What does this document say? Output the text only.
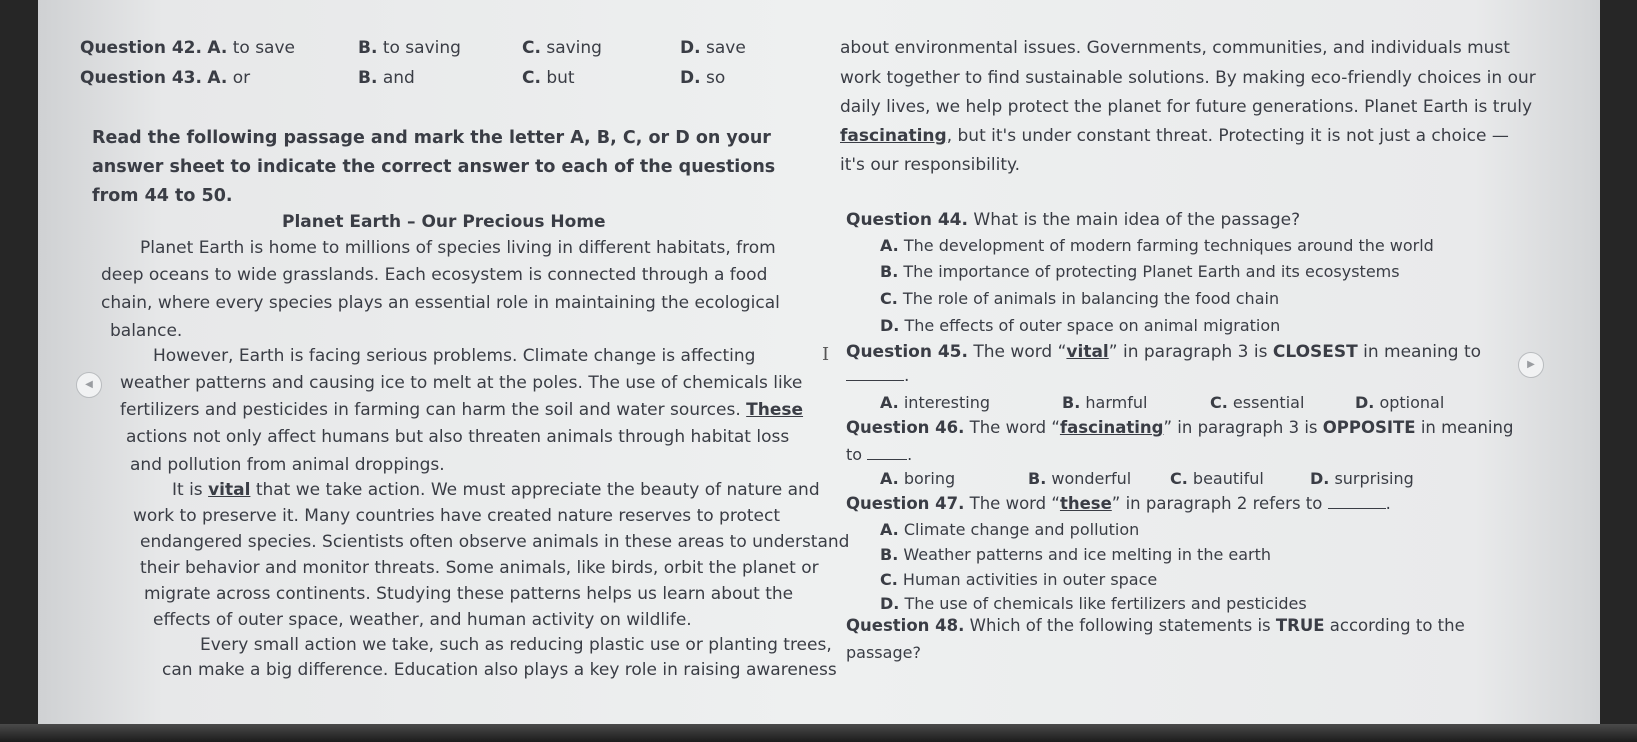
Question 42. A. to save	B. to saving	C. saving	D. save
Question 43. A. or	B. and	C. but	D. so
Read the following passage and mark the letter A, B, C, or D on your
answer sheet to indicate the correct answer to each of the questions
from 44 to 50.
Planet Earth – Our Precious Home
Planet Earth is home to millions of species living in different habitats, from
deep oceans to wide grasslands. Each ecosystem is connected through a food
chain, where every species plays an essential role in maintaining the ecological
balance.
However, Earth is facing serious problems. Climate change is affecting
weather patterns and causing ice to melt at the poles. The use of chemicals like
fertilizers and pesticides in farming can harm the soil and water sources. These
actions not only affect humans but also threaten animals through habitat loss
and pollution from animal droppings.
It is vital that we take action. We must appreciate the beauty of nature and
work to preserve it. Many countries have created nature reserves to protect
endangered species. Scientists often observe animals in these areas to understand
their behavior and monitor threats. Some animals, like birds, orbit the planet or
migrate across continents. Studying these patterns helps us learn about the
effects of outer space, weather, and human activity on wildlife.
Every small action we take, such as reducing plastic use or planting trees,
can make a big difference. Education also plays a key role in raising awareness
about environmental issues. Governments, communities, and individuals must
work together to find sustainable solutions. By making eco-friendly choices in our
daily lives, we help protect the planet for future generations. Planet Earth is truly
fascinating, but it's under constant threat. Protecting it is not just a choice —
it's our responsibility.
Question 44. What is the main idea of the passage?
A. The development of modern farming techniques around the world
B. The importance of protecting Planet Earth and its ecosystems
C. The role of animals in balancing the food chain
D. The effects of outer space on animal migration
I Question 45. The word “vital” in paragraph 3 is CLOSEST in meaning to
.
A. interesting	B. harmful	C. essential	D. optional
Question 46. The word “fascinating” in paragraph 3 is OPPOSITE in meaning
to	.
A. boring	B. wonderful C. beautiful	D. surprising
Question 47. The word “these” in paragraph 2 refers to	.
A. Climate change and pollution
B. Weather patterns and ice melting in the earth
C. Human activities in outer space
D. The use of chemicals like fertilizers and pesticides
Question 48. Which of the following statements is TRUE according to the
passage?
◀
▶
